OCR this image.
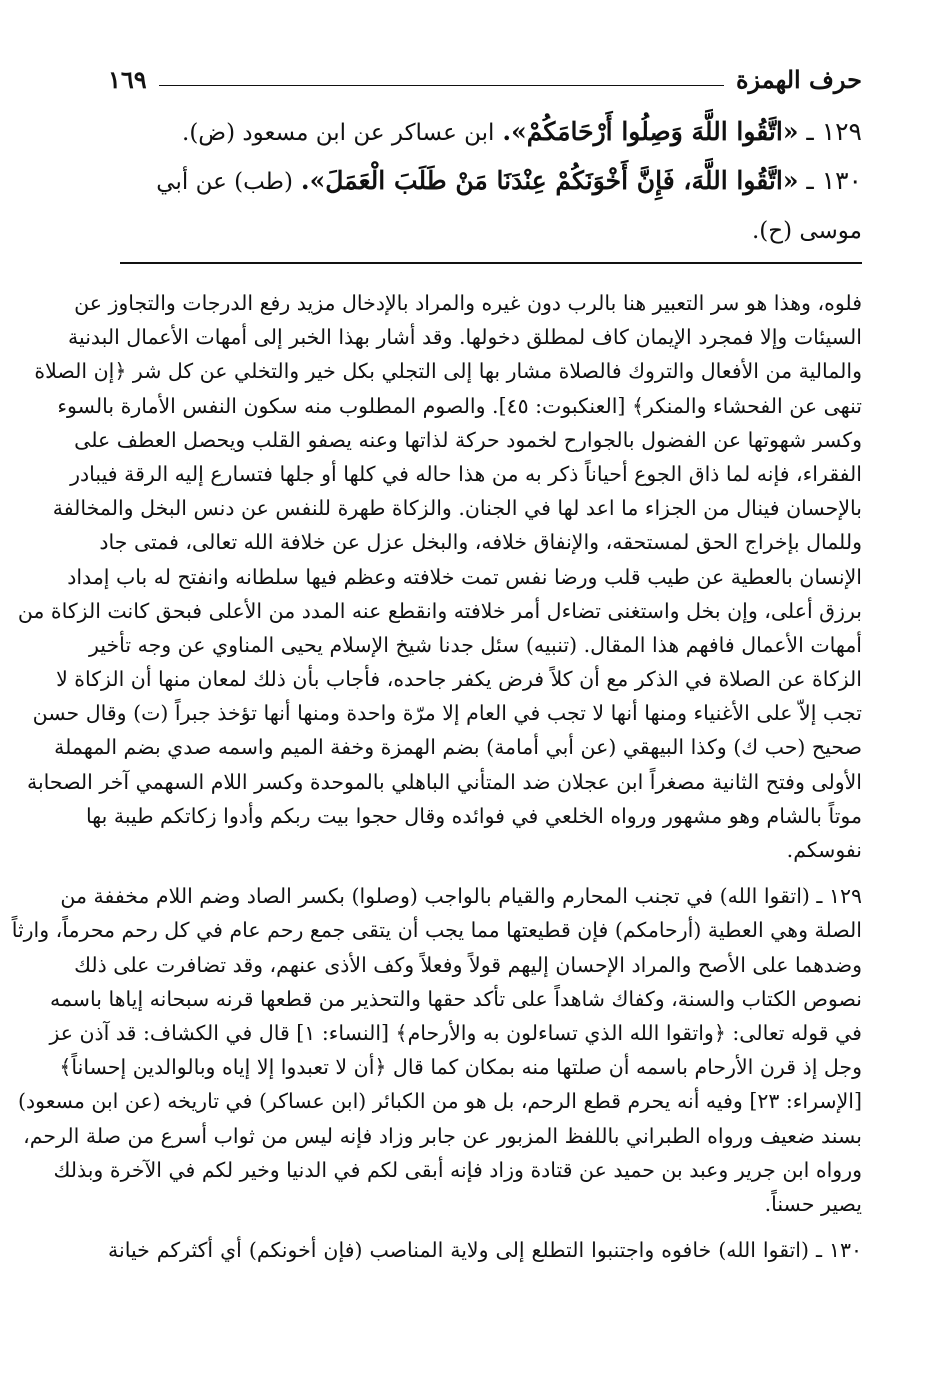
حرف الهمزة
١٦٩
١٢٩ ـ «اتَّقُوا اللَّهَ وَصِلُوا أَرْحَامَكُمْ». ابن عساكر عن ابن مسعود (ض).
١٣٠ ـ «اتَّقُوا اللَّهَ، فَإِنَّ أَخْوَنَكُمْ عِنْدَنَا مَنْ طَلَبَ الْعَمَلَ». (طب) عن أبي
موسى (ح).
فلوه، وهذا هو سر التعبير هنا بالرب دون غيره والمراد بالإدخال مزيد رفع الدرجات والتجاوز عن
السيئات وإلا فمجرد الإيمان كاف لمطلق دخولها. وقد أشار بهذا الخبر إلى أمهات الأعمال البدنية
والمالية من الأفعال والتروك فالصلاة مشار بها إلى التجلي بكل خير والتخلي عن كل شر ﴿إن الصلاة
تنهى عن الفحشاء والمنكر﴾ [العنكبوت: ٤٥]. والصوم المطلوب منه سكون النفس الأمارة بالسوء
وكسر شهوتها عن الفضول بالجوارح لخمود حركة لذاتها وعنه يصفو القلب ويحصل العطف على
الفقراء، فإنه لما ذاق الجوع أحياناً ذكر به من هذا حاله في كلها أو جلها فتسارع إليه الرقة فيبادر
بالإحسان فينال من الجزاء ما اعد لها في الجنان. والزكاة طهرة للنفس عن دنس البخل والمخالفة
وللمال بإخراج الحق لمستحقه، والإنفاق خلافه، والبخل عزل عن خلافة الله تعالى، فمتى جاد
الإنسان بالعطية عن طيب قلب ورضا نفس تمت خلافته وعظم فيها سلطانه وانفتح له باب إمداد
برزق أعلى، وإن بخل واستغنى تضاءل أمر خلافته وانقطع عنه المدد من الأعلى فبحق كانت الزكاة من
أمهات الأعمال فافهم هذا المقال. (تنبيه) سئل جدنا شيخ الإسلام يحيى المناوي عن وجه تأخير
الزكاة عن الصلاة في الذكر مع أن كلاً فرض يكفر جاحده، فأجاب بأن ذلك لمعان منها أن الزكاة لا
تجب إلاّ على الأغنياء ومنها أنها لا تجب في العام إلا مرّة واحدة ومنها أنها تؤخذ جبراً (ت) وقال حسن
صحيح (حب ك) وكذا البيهقي (عن أبي أمامة) بضم الهمزة وخفة الميم واسمه صدي بضم المهملة
الأولى وفتح الثانية مصغراً ابن عجلان ضد المتأني الباهلي بالموحدة وكسر اللام السهمي آخر الصحابة
موتاً بالشام وهو مشهور ورواه الخلعي في فوائده وقال حجوا بيت ربكم وأدوا زكاتكم طيبة بها
نفوسكم.
١٢٩ ـ (اتقوا الله) في تجنب المحارم والقيام بالواجب (وصلوا) بكسر الصاد وضم اللام مخففة من
الصلة وهي العطية (أرحامكم) فإن قطيعتها مما يجب أن يتقى جمع رحم عام في كل رحم محرماً، وارثاً
وضدهما على الأصح والمراد الإحسان إليهم قولاً وفعلاً وكف الأذى عنهم، وقد تضافرت على ذلك
نصوص الكتاب والسنة، وكفاك شاهداً على تأكد حقها والتحذير من قطعها قرنه سبحانه إياها باسمه
في قوله تعالى: ﴿واتقوا الله الذي تساءلون به والأرحام﴾ [النساء: ١] قال في الكشاف: قد آذن عز
وجل إذ قرن الأرحام باسمه أن صلتها منه بمكان كما قال ﴿أن لا تعبدوا إلا إياه وبالوالدين إحساناً﴾
[الإسراء: ٢٣] وفيه أنه يحرم قطع الرحم، بل هو من الكبائر (ابن عساكر) في تاريخه (عن ابن مسعود)
بسند ضعيف ورواه الطبراني باللفظ المزبور عن جابر وزاد فإنه ليس من ثواب أسرع من صلة الرحم،
ورواه ابن جرير وعبد بن حميد عن قتادة وزاد فإنه أبقى لكم في الدنيا وخير لكم في الآخرة وبذلك
يصير حسناً.
١٣٠ ـ (اتقوا الله) خافوه واجتنبوا التطلع إلى ولاية المناصب (فإن أخونكم) أي أكثركم خيانة
